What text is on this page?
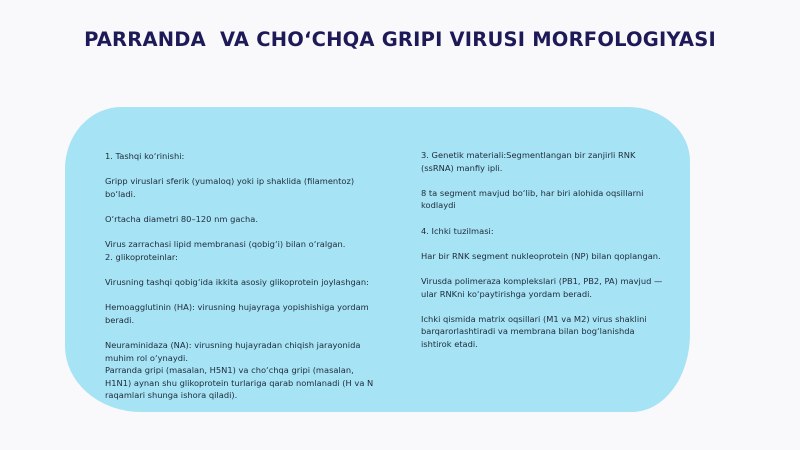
PARRANDA  VA CHO‘CHQA GRIPI VIRUSI MORFOLOGIYASI

1. Tashqi ko‘rinishi:

Gripp viruslari sferik (yumaloq) yoki ip shaklida (filamentoz) bo‘ladi.

O‘rtacha diametri 80–120 nm gacha.

Virus zarrachasi lipid membranasi (qobig‘i) bilan o‘ralgan.

2. glikoproteinlar:

Virusning tashqi qobig‘ida ikkita asosiy glikoprotein joylashgan:

Hemoagglutinin (HA): virusning hujayraga yopishishiga yordam beradi.

Neuraminidaza (NA): virusning hujayradan chiqish jarayonida muhim rol o‘ynaydi.

Parranda gripi (masalan, H5N1) va cho‘chqa gripi (masalan, H1N1) aynan shu glikoprotein turlariga qarab nomlanadi (H va N raqamlari shunga ishora qiladi).

3. Genetik materiali:Segmentlangan bir zanjirli RNK (ssRNA) manfiy ipli.

8 ta segment mavjud bo‘lib, har biri alohida oqsillarni kodlaydi

4. Ichki tuzilmasi:

Har bir RNK segment nukleoprotein (NP) bilan qoplangan.

Virusda polimeraza komplekslari (PB1, PB2, PA) mavjud — ular RNKni ko‘paytirishga yordam beradi.

Ichki qismida matrix oqsillari (M1 va M2) virus shaklini barqarorlashtiradi va membrana bilan bog‘lanishda ishtirok etadi.
